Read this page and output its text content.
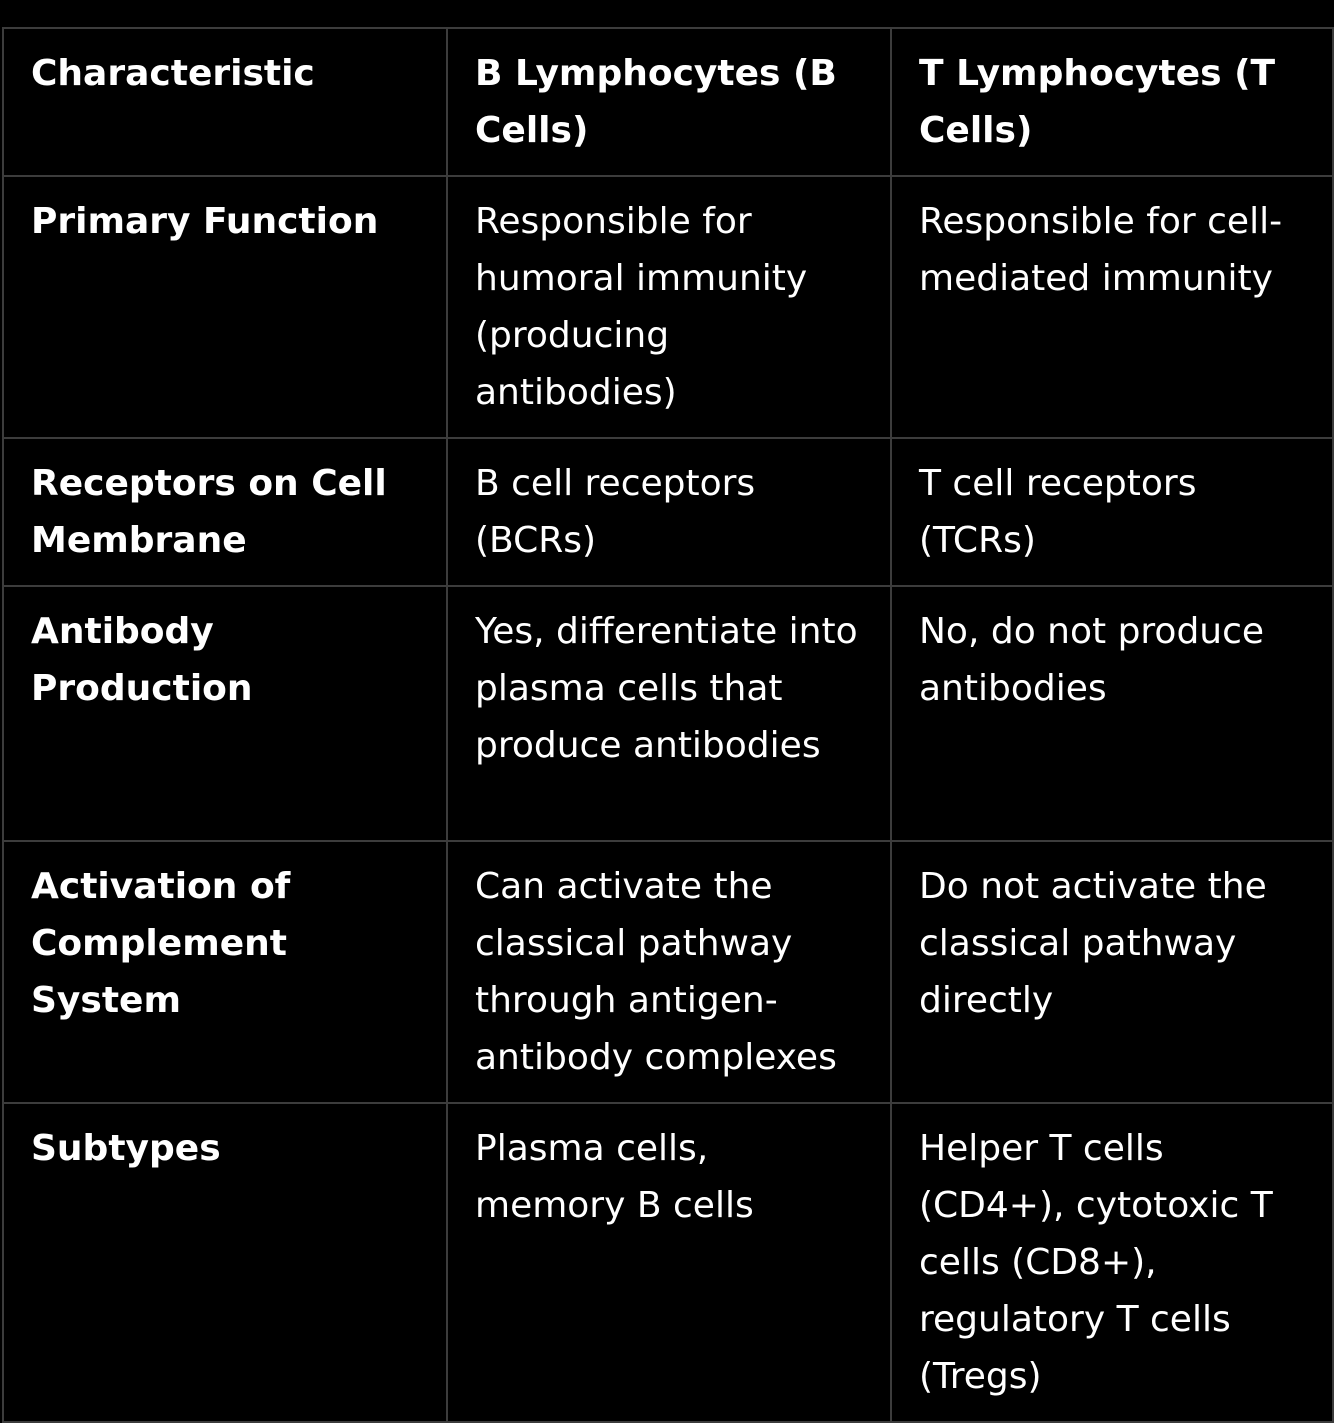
Characteristic	B Lymphocytes (B Cells)	T Lymphocytes (T Cells)
Primary Function	Responsible for humoral immunity (producing antibodies)	Responsible for cell-mediated immunity
Receptors on Cell Membrane	B cell receptors (BCRs)	T cell receptors (TCRs)
Antibody Production	Yes, differentiate into plasma cells that produce antibodies	No, do not produce antibodies
Activation of Complement System	Can activate the classical pathway through antigen-antibody complexes	Do not activate the classical pathway directly
Subtypes	Plasma cells, memory B cells	Helper T cells (CD4+), cytotoxic T cells (CD8+), regulatory T cells (Tregs)
